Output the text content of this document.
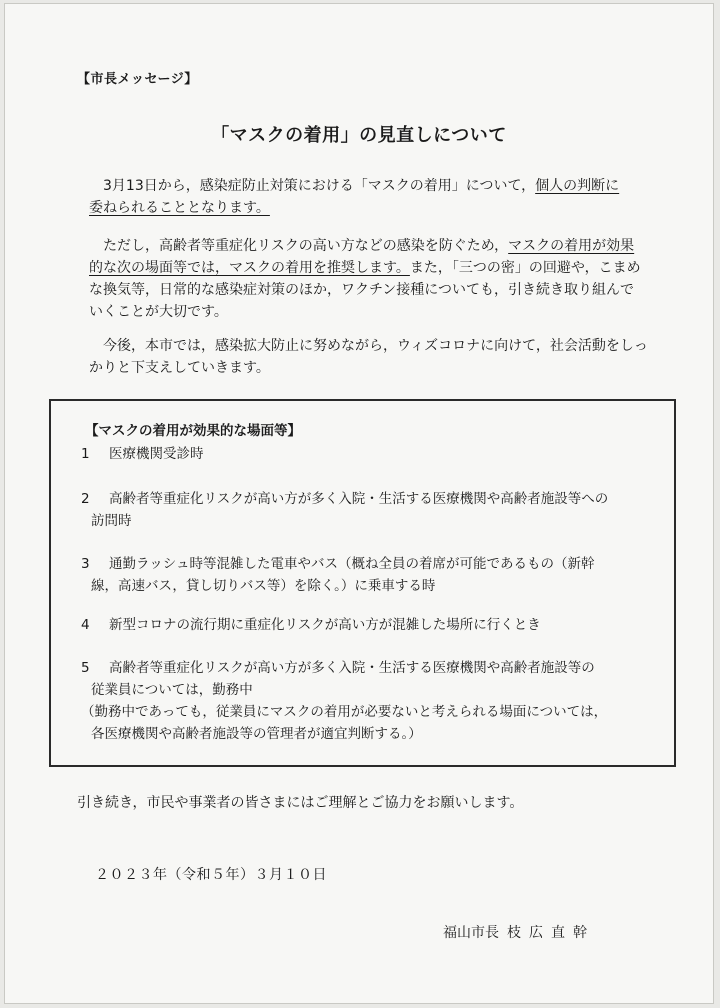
【市長メッセージ】
「マスクの着用」の見直しについて
3月13日から，感染症防止対策における「マスクの着用」について，個人の判断に
委ねられることとなります。
ただし，高齢者等重症化リスクの高い方などの感染を防ぐため，マスクの着用が効果
的な次の場面等では，マスクの着用を推奨します。また，「三つの密」の回避や，こまめ
な換気等，日常的な感染症対策のほか，ワクチン接種についても，引き続き取り組んで
いくことが大切です。
今後，本市では，感染拡大防止に努めながら，ウィズコロナに向けて，社会活動をしっ
かりと下支えしていきます。
【マスクの着用が効果的な場面等】
1 医療機関受診時
2 高齢者等重症化リスクが高い方が多く入院・生活する医療機関や高齢者施設等への
訪問時
3 通勤ラッシュ時等混雑した電車やバス（概ね全員の着席が可能であるもの（新幹
線，高速バス，貸し切りバス等）を除く。）に乗車する時
4 新型コロナの流行期に重症化リスクが高い方が混雑した場所に行くとき
5 高齢者等重症化リスクが高い方が多く入院・生活する医療機関や高齢者施設等の
従業員については，勤務中
（勤務中であっても，従業員にマスクの着用が必要ないと考えられる場面については，
各医療機関や高齢者施設等の管理者が適宜判断する。）
引き続き，市民や事業者の皆さまにはご理解とご協力をお願いします。
２０２３年（令和５年）３月１０日
福山市長 枝広直幹
